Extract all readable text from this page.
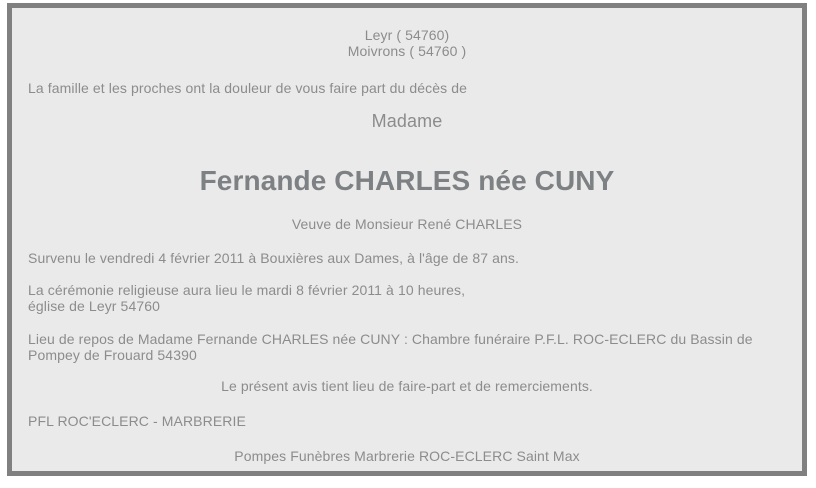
Leyr ( 54760)

Moivrons ( 54760 )

La famille et les proches ont la douleur de vous faire part du décès de

Madame

Fernande CHARLES née CUNY

Veuve de Monsieur René CHARLES

Survenu le vendredi 4 février 2011 à Bouxières aux Dames, à l'âge de 87 ans.

La cérémonie religieuse aura lieu le mardi 8 février 2011 à 10 heures,

église de Leyr 54760

Lieu de repos de Madame Fernande CHARLES née CUNY : Chambre funéraire P.F.L. ROC-ECLERC du Bassin de

Pompey de Frouard 54390

Le présent avis tient lieu de faire-part et de remerciements.

PFL ROC'ECLERC - MARBRERIE

Pompes Funèbres Marbrerie ROC-ECLERC Saint Max
